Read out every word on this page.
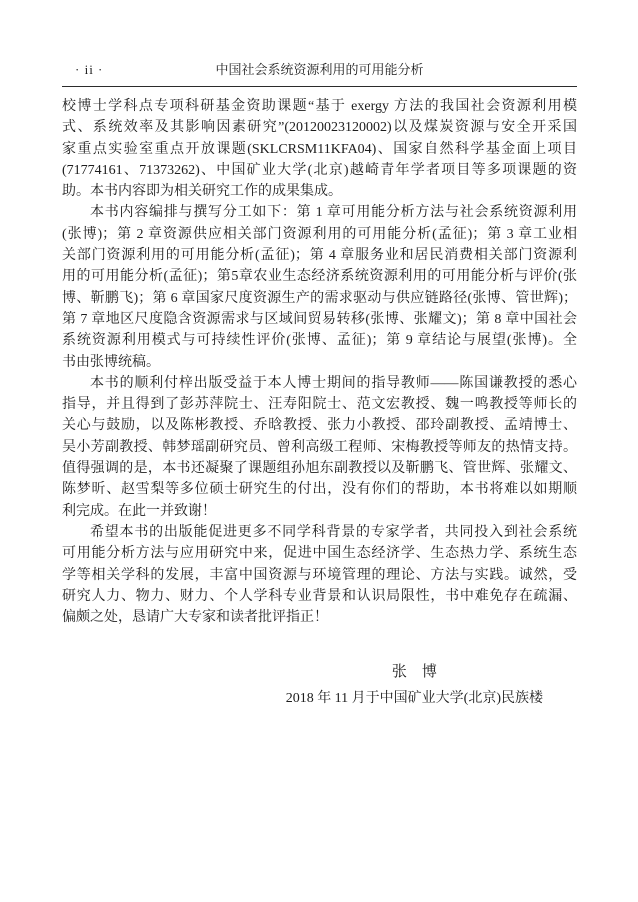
· ii ·	中国社会系统资源利用的可用能分析
校博士学科点专项科研基金资助课题“基于 exergy 方法的我国社会资源利用模
式、系统效率及其影响因素研究”(20120023120002)以及煤炭资源与安全开采国
家重点实验室重点开放课题(SKLCRSM11KFA04)、国家自然科学基金面上项目
(71774161、71373262)、中国矿业大学(北京)越崎青年学者项目等多项课题的资
助。本书内容即为相关研究工作的成果集成。
本书内容编排与撰写分工如下：第 1 章可用能分析方法与社会系统资源利用
(张博)；第 2 章资源供应相关部门资源利用的可用能分析(孟征)；第 3 章工业相
关部门资源利用的可用能分析(孟征)；第 4 章服务业和居民消费相关部门资源利
用的可用能分析(孟征)；第5章农业生态经济系统资源利用的可用能分析与评价(张
博、靳鹏飞)；第 6 章国家尺度资源生产的需求驱动与供应链路径(张博、管世辉)；
第 7 章地区尺度隐含资源需求与区域间贸易转移(张博、张耀文)；第 8 章中国社会
系统资源利用模式与可持续性评价(张博、孟征)；第 9 章结论与展望(张博)。全
书由张博统稿。
本书的顺利付梓出版受益于本人博士期间的指导教师——陈国谦教授的悉心
指导，并且得到了彭苏萍院士、汪寿阳院士、范文宏教授、魏一鸣教授等师长的
关心与鼓励，以及陈彬教授、乔晗教授、张力小教授、邵玲副教授、孟靖博士、
吴小芳副教授、韩梦瑶副研究员、曾利高级工程师、宋梅教授等师友的热情支持。
值得强调的是，本书还凝聚了课题组孙旭东副教授以及靳鹏飞、管世辉、张耀文、
陈梦昕、赵雪梨等多位硕士研究生的付出，没有你们的帮助，本书将难以如期顺
利完成。在此一并致谢！
希望本书的出版能促进更多不同学科背景的专家学者，共同投入到社会系统
可用能分析方法与应用研究中来，促进中国生态经济学、生态热力学、系统生态
学等相关学科的发展，丰富中国资源与环境管理的理论、方法与实践。诚然，受
研究人力、物力、财力、个人学科专业背景和认识局限性，书中难免存在疏漏、
偏颇之处，恳请广大专家和读者批评指正！
张　博
2018 年 11 月于中国矿业大学(北京)民族楼
